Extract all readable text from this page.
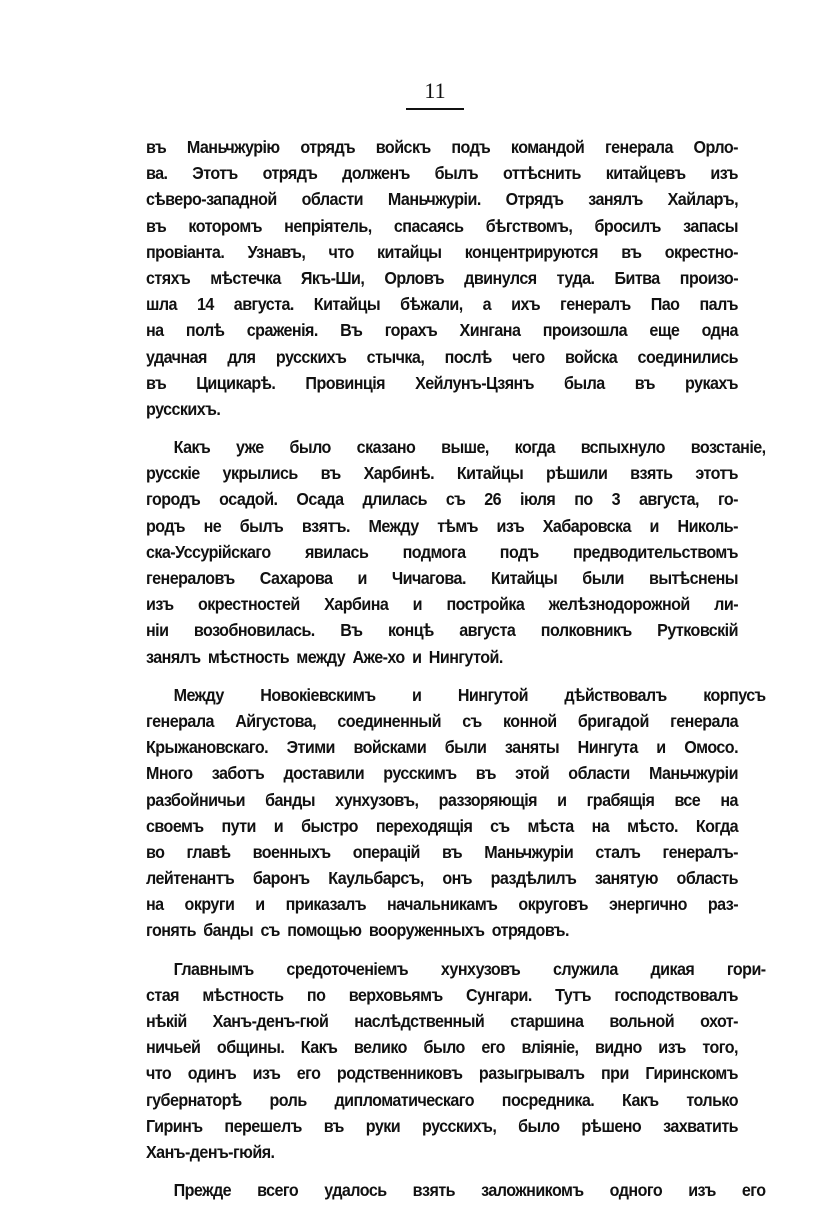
11
въ Маньчжурію отрядъ войскъ подъ командой генерала Орло-
ва. Этотъ отрядъ долженъ былъ оттѣснить китайцевъ изъ
сѣверо-западной области Маньчжуріи. Отрядъ занялъ Хайларъ,
въ которомъ непріятель, спасаясь бѣгствомъ, бросилъ запасы
провіанта. Узнавъ, что китайцы концентрируются въ окрестно-
стяхъ мѣстечка Якъ-Ши, Орловъ двинулся туда. Битва произо-
шла 14 августа. Китайцы бѣжали, а ихъ генералъ Пао палъ
на полѣ сраженія. Въ горахъ Хингана произошла еще одна
удачная для русскихъ стычка, послѣ чего войска соединились
въ Цицикарѣ. Провинція Хейлунъ-Цзянъ была въ рукахъ
русскихъ.
Какъ уже было сказано выше, когда вспыхнуло возстаніе,
русскіе укрылись въ Харбинѣ. Китайцы рѣшили взять этотъ
городъ осадой. Осада длилась съ 26 іюля по 3 августа, го-
родъ не былъ взятъ. Между тѣмъ изъ Хабаровска и Николь-
ска-Уссурійскаго явилась подмога подъ предводительствомъ
генераловъ Сахарова и Чичагова. Китайцы были вытѣснены
изъ окрестностей Харбина и постройка желѣзнодорожной ли-
ніи возобновилась. Въ концѣ августа полковникъ Рутковскій
занялъ мѣстность между Аже-хо и Нингутой.
Между Новокіевскимъ и Нингутой дѣйствовалъ корпусъ
генерала Айгустова, соединенный съ конной бригадой генерала
Крыжановскаго. Этими войсками были заняты Нингута и Омосо.
Много заботъ доставили русскимъ въ этой области Маньчжуріи
разбойничьи банды хунхузовъ, раззоряющія и грабящія все на
своемъ пути и быстро переходящія съ мѣста на мѣсто. Когда
во главѣ военныхъ операцій въ Маньчжуріи сталъ генералъ-
лейтенантъ баронъ Каульбарсъ, онъ раздѣлилъ занятую область
на округи и приказалъ начальникамъ округовъ энергично раз-
гонять банды съ помощью вооруженныхъ отрядовъ.
Главнымъ средоточеніемъ хунхузовъ служила дикая гори-
стая мѣстность по верховьямъ Сунгари. Тутъ господствовалъ
нѣкій Ханъ-денъ-гюй наслѣдственный старшина вольной охот-
ничьей общины. Какъ велико было его вліяніе, видно изъ того,
что одинъ изъ его родственниковъ разыгрывалъ при Гиринскомъ
губернаторѣ роль дипломатическаго посредника. Какъ только
Гиринъ перешелъ въ руки русскихъ, было рѣшено захватить
Ханъ-денъ-гюйя.
Прежде всего удалось взять заложникомъ одного изъ его
